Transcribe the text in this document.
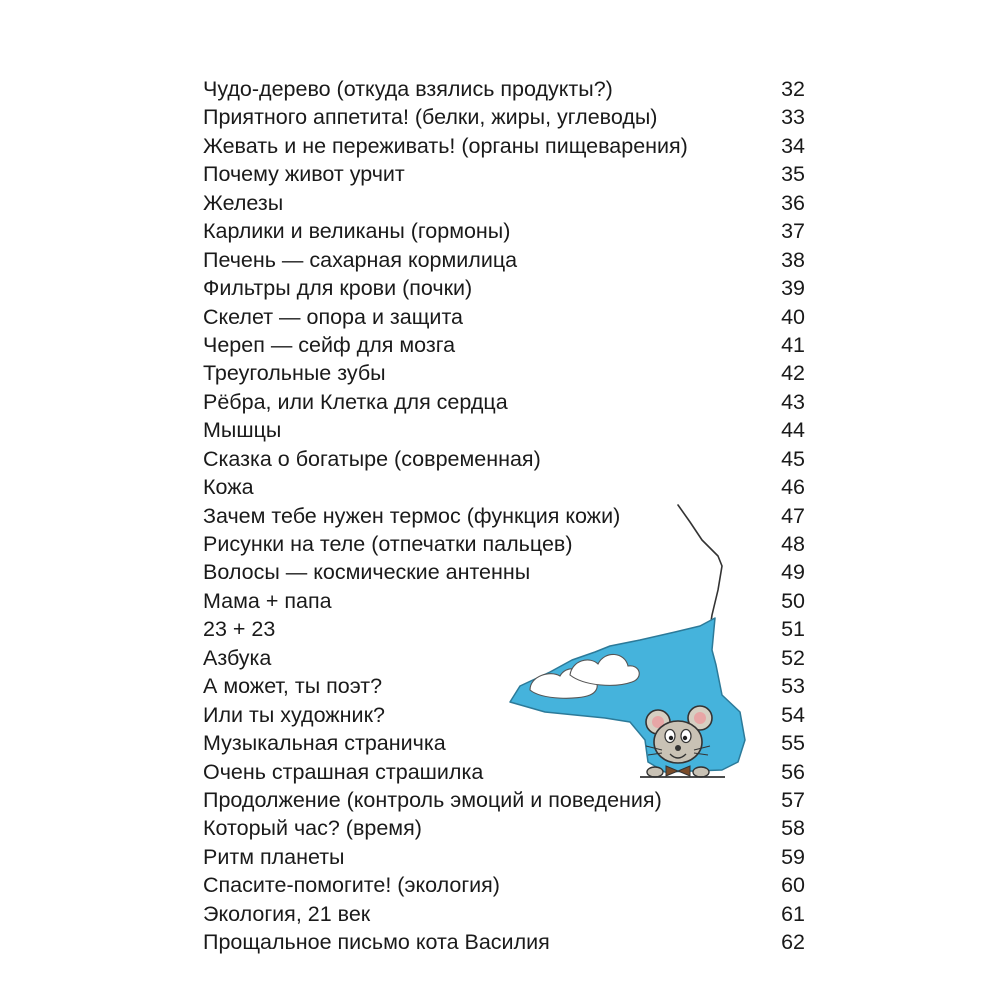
Чудо-дерево (откуда взялись продукты?)	32
Приятного аппетита! (белки, жиры, углеводы)	33
Жевать и не переживать! (органы пищеварения)	34
Почему живот урчит	35
Железы	36
Карлики и великаны (гормоны)	37
Печень — сахарная кормилица	38
Фильтры для крови (почки)	39
Скелет — опора и защита	40
Череп — сейф для мозга	41
Треугольные зубы	42
Рёбра, или Клетка для сердца	43
Мышцы	44
Сказка о богатыре (современная)	45
Кожа	46
Зачем тебе нужен термос (функция кожи)	47
Рисунки на теле (отпечатки пальцев)	48
Волосы — космические антенны	49
Мама + папа	50
23 + 23	51
Азбука	52
А может, ты поэт?	53
Или ты художник?	54
Музыкальная страничка	55
Очень страшная страшилка	56
Продолжение (контроль эмоций и поведения)	57
Который час? (время)	58
Ритм планеты	59
Спасите-помогите! (экология)	60
Экология, 21 век	61
Прощальное письмо кота Василия	62
